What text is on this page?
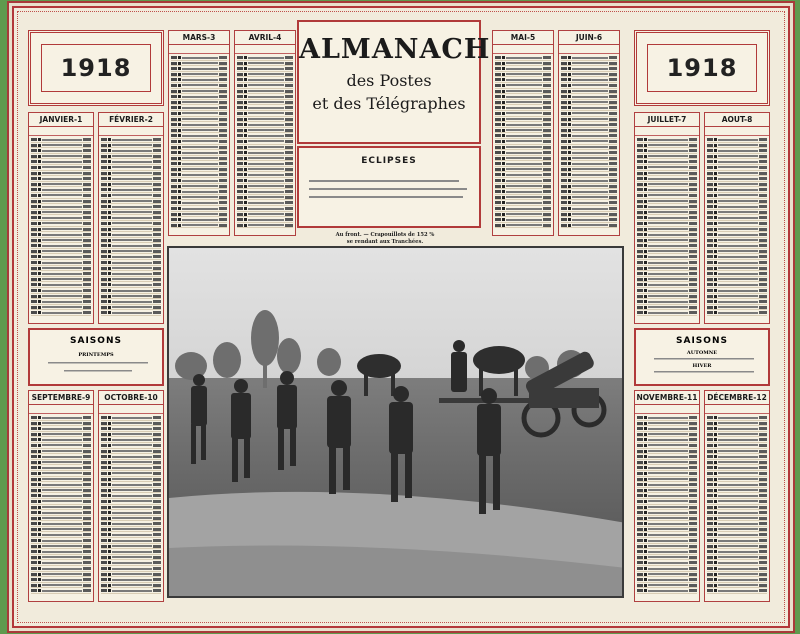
1918	1918
ALMANACH
des Postes
et des Télégraphes
ECLIPSES
Au front. — Crapouillots de 152 %
se rendant aux Tranchées.
SAISONS
PRINTEMPS
SAISONS
AUTOMNE
HIVER
JANVIER-1	FÉVRIER-2
MARS-3	AVRIL-4	MAI-5	JUIN-6
JUILLET-7	AOUT-8
SEPTEMBRE-9	OCTOBRE-10	NOVEMBRE-11 DÉCEMBRE-12
